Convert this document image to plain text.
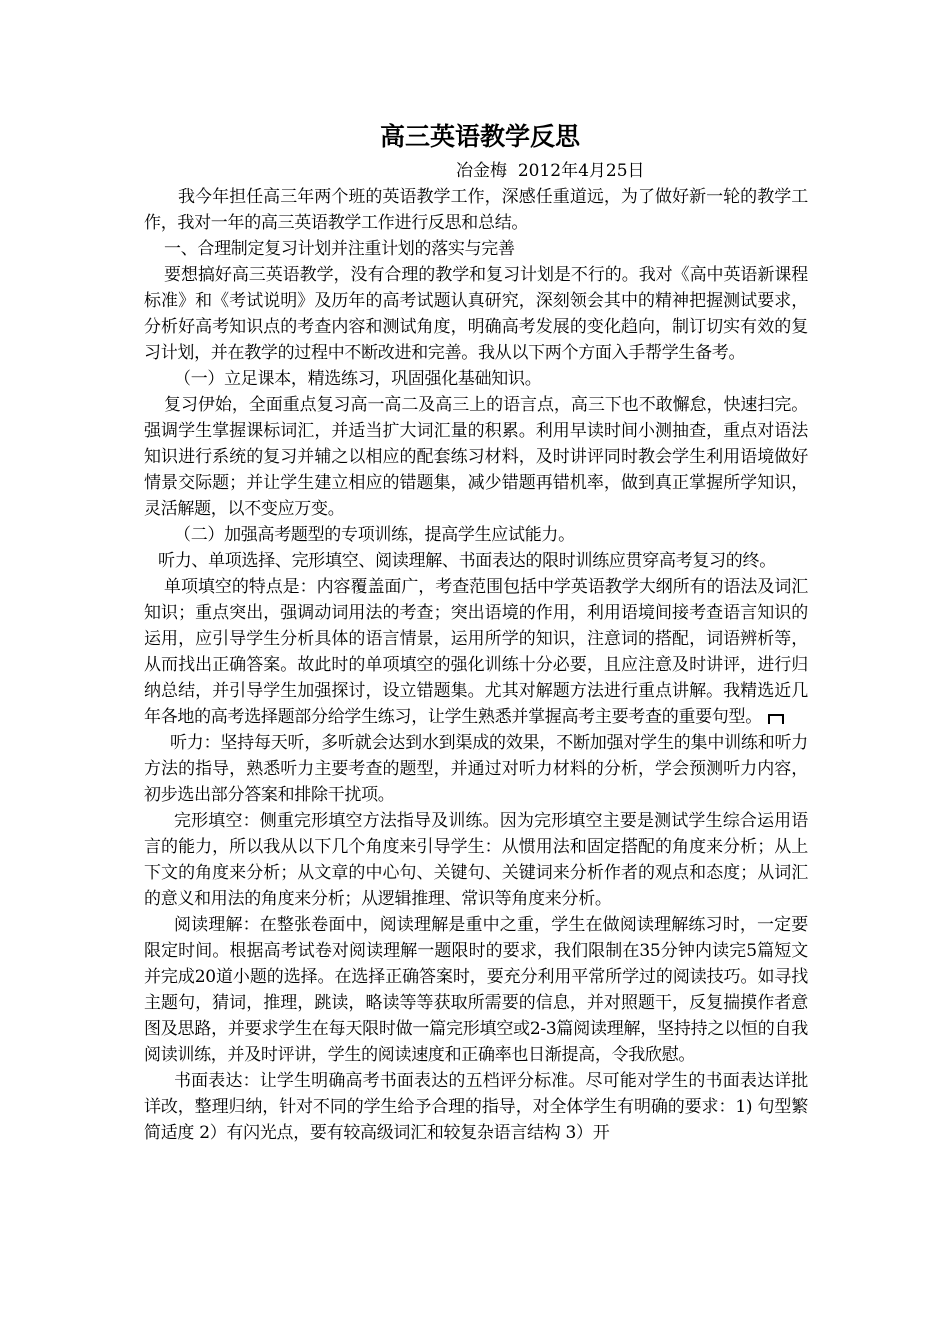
高三英语教学反思
冶金梅 2012年4月25日

我今年担任高三年两个班的英语教学工作，深感任重道远，为了做好新一轮的教学工作，我对一年的高三英语教学工作进行反思和总结。

一、合理制定复习计划并注重计划的落实与完善

要想搞好高三英语教学，没有合理的教学和复习计划是不行的。我对《高中英语新课程标准》和《考试说明》及历年的高考试题认真研究，深刻领会其中的精神把握测试要求，分析好高考知识点的考查内容和测试角度，明确高考发展的变化趋向，制订切实有效的复习计划，并在教学的过程中不断改进和完善。我从以下两个方面入手帮学生备考。

（一）立足课本，精选练习，巩固强化基础知识。

复习伊始，全面重点复习高一高二及高三上的语言点，高三下也不敢懈怠，快速扫完。强调学生掌握课标词汇，并适当扩大词汇量的积累。利用早读时间小测抽查，重点对语法知识进行系统的复习并辅之以相应的配套练习材料，及时讲评同时教会学生利用语境做好情景交际题；并让学生建立相应的错题集，减少错题再错机率，做到真正掌握所学知识，灵活解题，以不变应万变。

（二）加强高考题型的专项训练，提高学生应试能力。

听力、单项选择、完形填空、阅读理解、书面表达的限时训练应贯穿高考复习的终。

单项填空的特点是：内容覆盖面广，考查范围包括中学英语教学大纲所有的语法及词汇知识；重点突出，强调动词用法的考查；突出语境的作用，利用语境间接考查语言知识的运用，应引导学生分析具体的语言情景，运用所学的知识，注意词的搭配，词语辨析等，从而找出正确答案。故此时的单项填空的强化训练十分必要，且应注意及时讲评，进行归纳总结，并引导学生加强探讨，设立错题集。尤其对解题方法进行重点讲解。我精选近几年各地的高考选择题部分给学生练习，让学生熟悉并掌握高考主要考查的重要句型。

听力：坚持每天听，多听就会达到水到渠成的效果，不断加强对学生的集中训练和听力方法的指导，熟悉听力主要考查的题型，并通过对听力材料的分析，学会预测听力内容，初步选出部分答案和排除干扰项。

完形填空：侧重完形填空方法指导及训练。因为完形填空主要是测试学生综合运用语言的能力，所以我从以下几个角度来引导学生：从惯用法和固定搭配的角度来分析；从上下文的角度来分析；从文章的中心句、关键句、关键词来分析作者的观点和态度；从词汇的意义和用法的角度来分析；从逻辑推理、常识等角度来分析。

阅读理解：在整张卷面中，阅读理解是重中之重，学生在做阅读理解练习时，一定要限定时间。根据高考试卷对阅读理解一题限时的要求，我们限制在35分钟内读完5篇短文并完成20道小题的选择。在选择正确答案时，要充分利用平常所学过的阅读技巧。如寻找主题句，猜词，推理，跳读，略读等等获取所需要的信息，并对照题干，反复揣摸作者意图及思路，并要求学生在每天限时做一篇完形填空或2-3篇阅读理解，坚持持之以恒的自我阅读训练，并及时评讲，学生的阅读速度和正确率也日渐提高，令我欣慰。

书面表达：让学生明确高考书面表达的五档评分标准。尽可能对学生的书面表达详批详改，整理归纳，针对不同的学生给予合理的指导，对全体学生有明确的要求：1) 句型繁简适度 2）有闪光点，要有较高级词汇和较复杂语言结构 3）开
